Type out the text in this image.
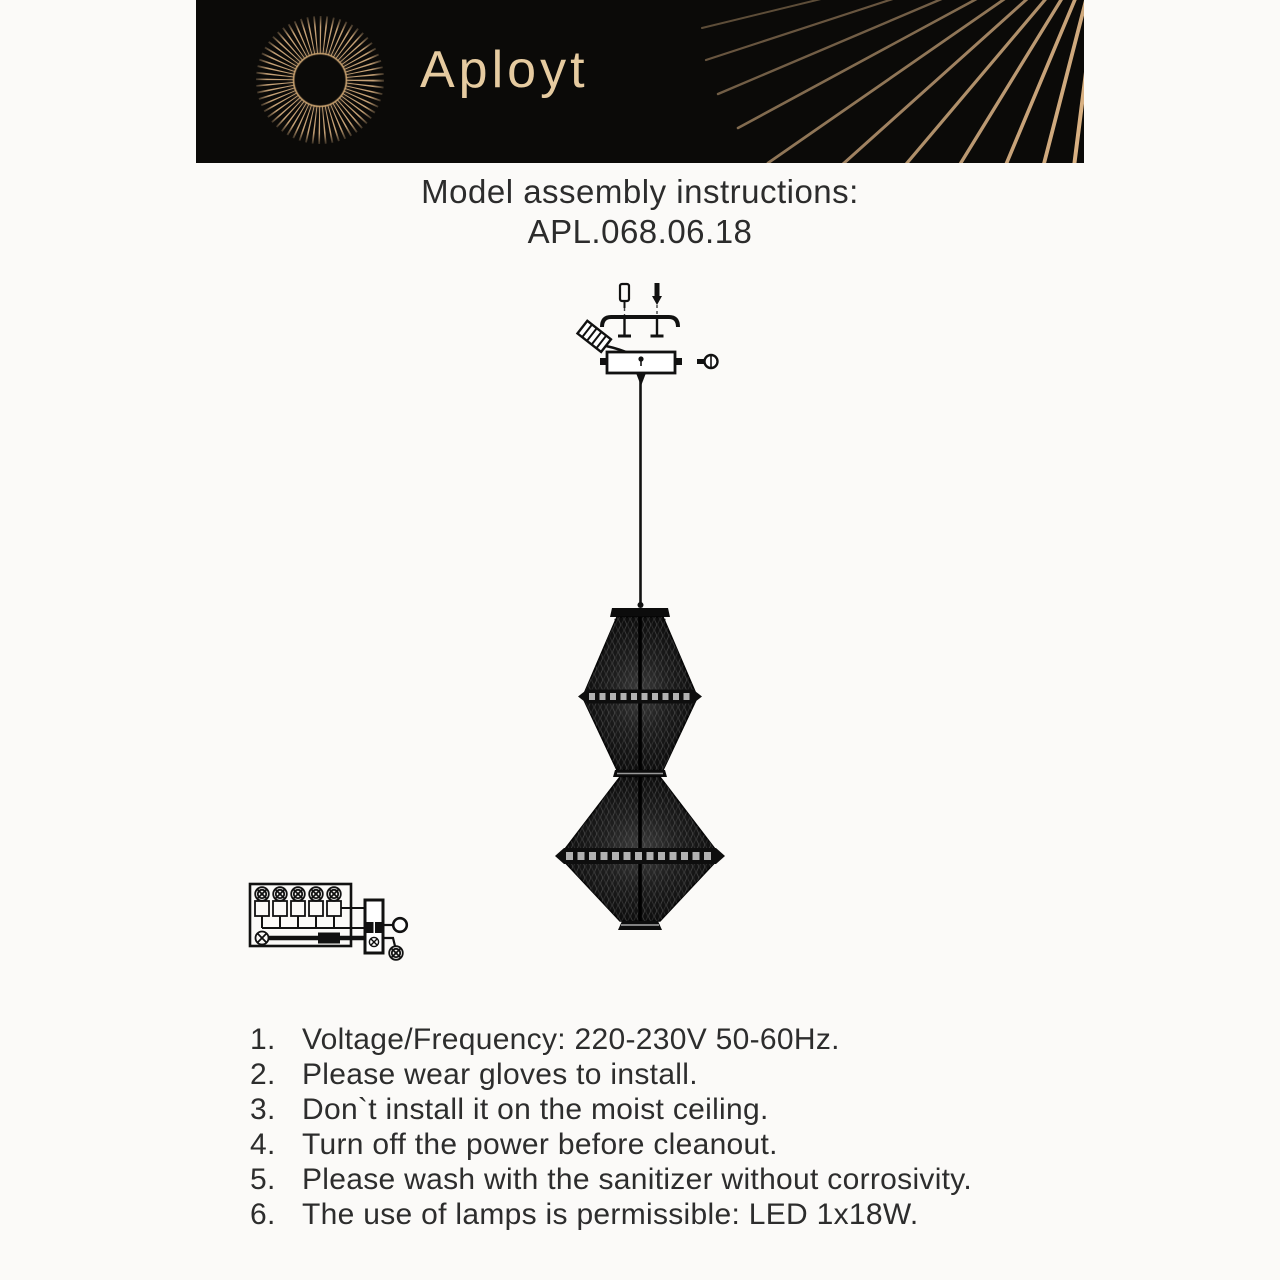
Aployt
Model assembly instructions:
APL.068.06.18
1. Voltage/Frequency: 220-230V 50-60Hz.
2. Please wear gloves to install.
3. Don`t install it on the moist ceiling.
4. Turn off the power before cleanout.
5. Please wash with the sanitizer without corrosivity.
6. The use of lamps is permissible: LED 1x18W.
